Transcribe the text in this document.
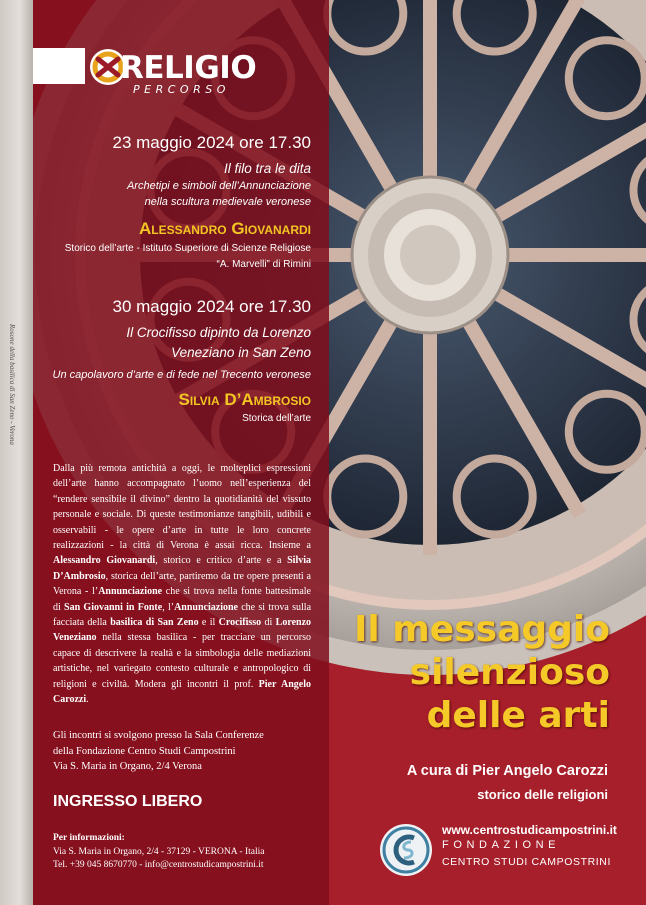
Rosone della basilica di San Zeno - Verona
RELIGIO
PERCORSO
23 maggio 2024 ore 17.30
Il filo tra le dita
Archetipi e simboli dell’Annunciazione
nella scultura medievale veronese
Alessandro Giovanardi
Storico dell’arte - Istituto Superiore di Scienze Religiose
“A. Marvelli” di Rimini
30 maggio 2024 ore 17.30
Il Crocifisso dipinto da Lorenzo
Veneziano in San Zeno
Un capolavoro d’arte e di fede nel Trecento veronese
Silvia D’Ambrosio
Storica dell’arte
Dalla più remota antichità a oggi, le molteplici espressioni dell’arte hanno accompagnato l’uomo nell’esperienza del “rendere sensibile il divino” dentro la quotidianità del vissuto personale e sociale. Di queste testimonianze tangibili, udibili e osservabili - le opere d’arte in tutte le loro concrete realizzazioni - la città di Verona è assai ricca. Insieme a Alessandro Giovanardi, storico e critico d’arte e a Silvia D’Ambrosio, storica dell’arte, partiremo da tre opere presenti a Verona - l’Annunciazione che si trova nella fonte battesimale di San Giovanni in Fonte, l’Annunciazione che si trova sulla facciata della basilica di San Zeno e il Crocifisso di Lorenzo Veneziano nella stessa basilica - per tracciare un percorso capace di descrivere la realtà e la simbologia delle mediazioni artistiche, nel variegato contesto culturale e antropologico di religioni e civiltà. Modera gli incontri il prof. Pier Angelo Carozzi.
Gli incontri si svolgono presso la Sala Conferenze
della Fondazione Centro Studi Campostrini
Via S. Maria in Organo, 2/4 Verona
INGRESSO LIBERO
Per informazioni:
Via S. Maria in Organo, 2/4 - 37129 - VERONA - Italia
Tel. +39 045 8670770 - info@centrostudicampostrini.it
Il messaggio
silenzioso
delle arti
A cura di Pier Angelo Carozzi
storico delle religioni
www.centrostudicampostrini.it
FONDAZIONE
CENTRO STUDI CAMPOSTRINI
